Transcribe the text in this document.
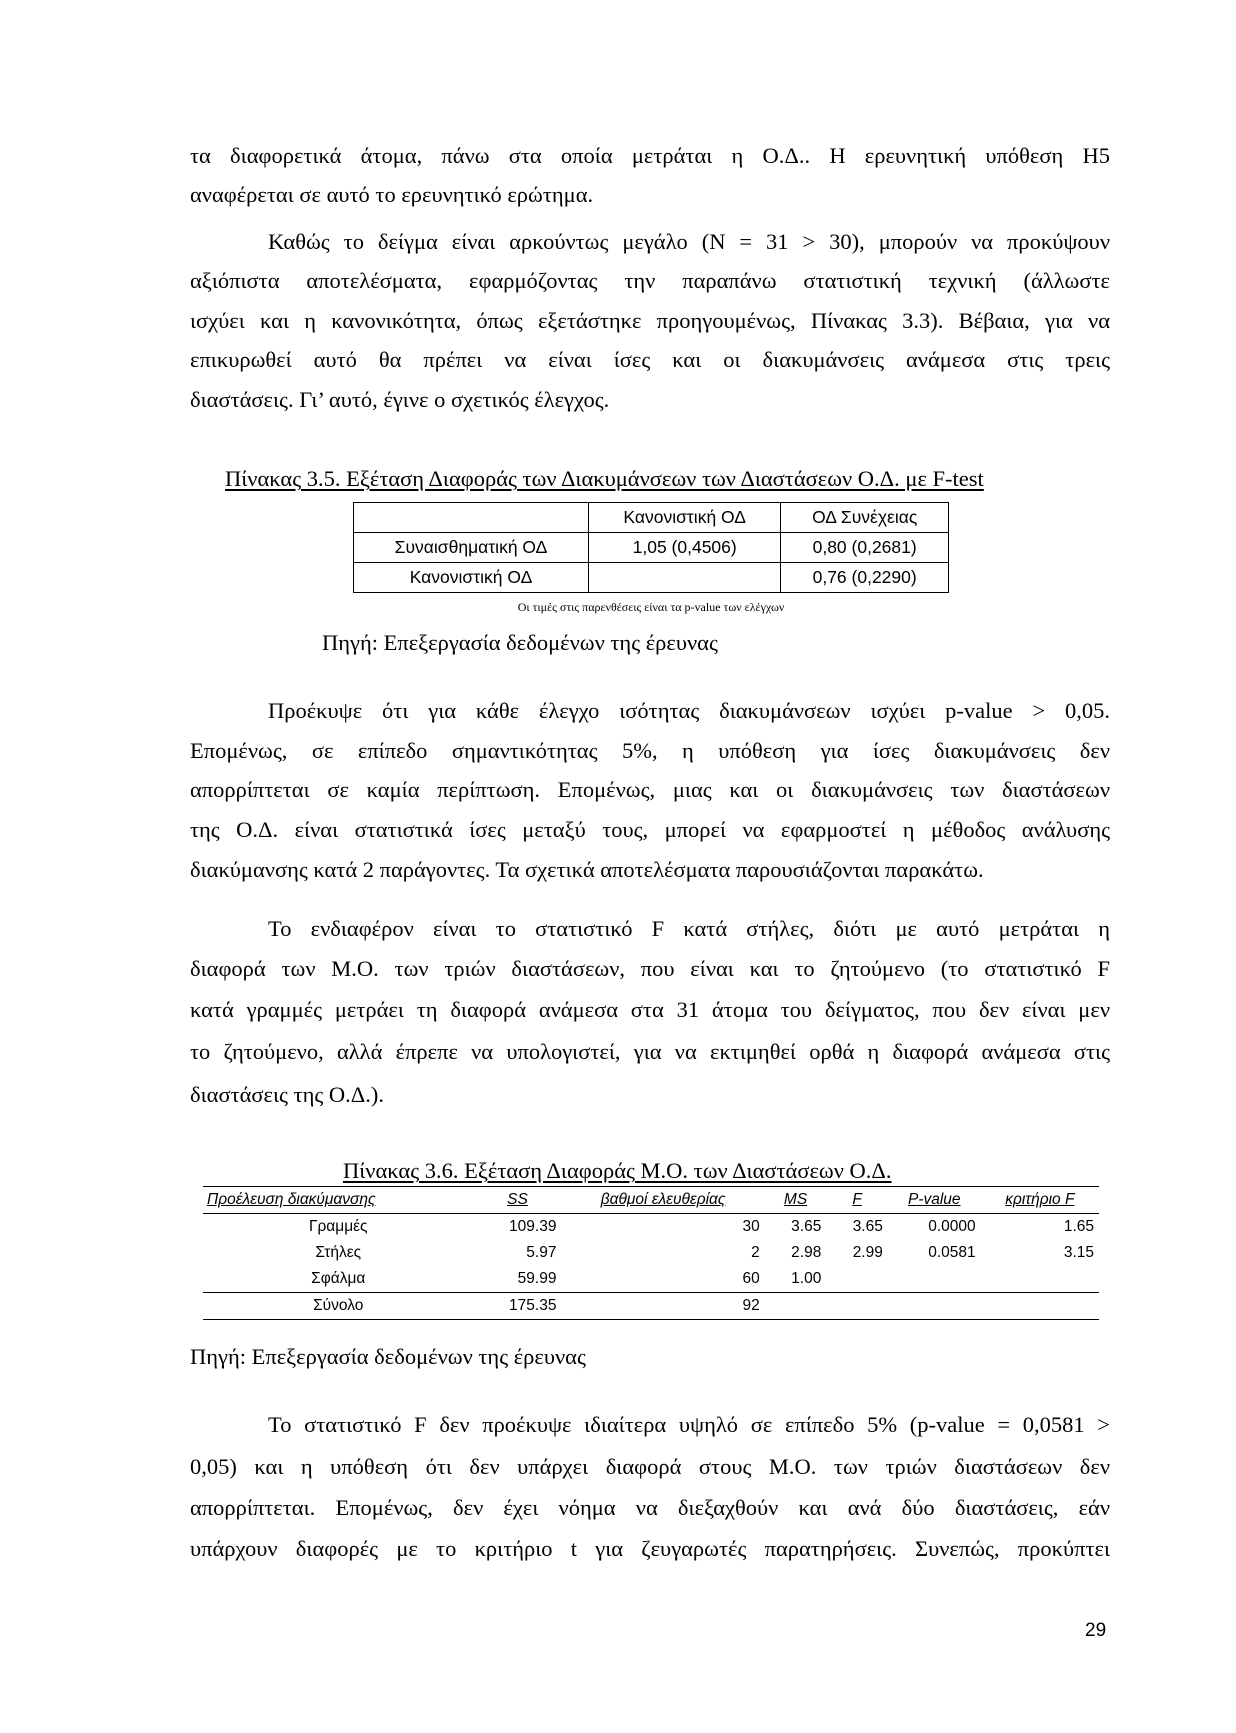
τα διαφορετικά άτομα, πάνω στα οποία μετράται η Ο.Δ.. Η ερευνητική υπόθεση Η5
αναφέρεται σε αυτό το ερευνητικό ερώτημα.
Καθώς το δείγμα είναι αρκούντως μεγάλο (Ν = 31 > 30), μπορούν να προκύψουν
αξιόπιστα αποτελέσματα, εφαρμόζοντας την παραπάνω στατιστική τεχνική (άλλωστε
ισχύει και η κανονικότητα, όπως εξετάστηκε προηγουμένως, Πίνακας 3.3). Βέβαια, για να
επικυρωθεί αυτό θα πρέπει να είναι ίσες και οι διακυμάνσεις ανάμεσα στις τρεις
διαστάσεις. Γι’ αυτό, έγινε ο σχετικός έλεγχος.
Πίνακας 3.5. Εξέταση Διαφοράς των Διακυμάνσεων των Διαστάσεων Ο.Δ. με F-test
	Κανονιστική ΟΔ	ΟΔ Συνέχειας
Συναισθηματική ΟΔ	1,05 (0,4506)	0,80 (0,2681)
Κανονιστική ΟΔ		0,76 (0,2290)
Οι τιμές στις παρενθέσεις είναι τα p-value των ελέγχων
Πηγή: Επεξεργασία δεδομένων της έρευνας
Προέκυψε ότι για κάθε έλεγχο ισότητας διακυμάνσεων ισχύει p-value > 0,05.
Επομένως, σε επίπεδο σημαντικότητας 5%, η υπόθεση για ίσες διακυμάνσεις δεν
απορρίπτεται σε καμία περίπτωση. Επομένως, μιας και οι διακυμάνσεις των διαστάσεων
της Ο.Δ. είναι στατιστικά ίσες μεταξύ τους, μπορεί να εφαρμοστεί η μέθοδος ανάλυσης
διακύμανσης κατά 2 παράγοντες. Τα σχετικά αποτελέσματα παρουσιάζονται παρακάτω.
Το ενδιαφέρον είναι το στατιστικό F κατά στήλες, διότι με αυτό μετράται η
διαφορά των Μ.Ο. των τριών διαστάσεων, που είναι και το ζητούμενο (το στατιστικό F
κατά γραμμές μετράει τη διαφορά ανάμεσα στα 31 άτομα του δείγματος, που δεν είναι μεν
το ζητούμενο, αλλά έπρεπε να υπολογιστεί, για να εκτιμηθεί ορθά η διαφορά ανάμεσα στις
διαστάσεις της Ο.Δ.).
Πίνακας 3.6. Εξέταση Διαφοράς Μ.Ο. των Διαστάσεων Ο.Δ.
Προέλευση διακύμανσης	SS	βαθμοί ελευθερίας	MS	F	P-value	κριτήριο F
Γραμμές	109.39	30	3.65	3.65	0.0000	1.65
Στήλες	5.97	2	2.98	2.99	0.0581	3.15
Σφάλμα	59.99	60	1.00			
Σύνολο	175.35	92				
Πηγή: Επεξεργασία δεδομένων της έρευνας
Το στατιστικό F δεν προέκυψε ιδιαίτερα υψηλό σε επίπεδο 5% (p-value = 0,0581 >
0,05) και η υπόθεση ότι δεν υπάρχει διαφορά στους Μ.Ο. των τριών διαστάσεων δεν
απορρίπτεται. Επομένως, δεν έχει νόημα να διεξαχθούν και ανά δύο διαστάσεις, εάν
υπάρχουν διαφορές με το κριτήριο t για ζευγαρωτές παρατηρήσεις. Συνεπώς, προκύπτει
29
